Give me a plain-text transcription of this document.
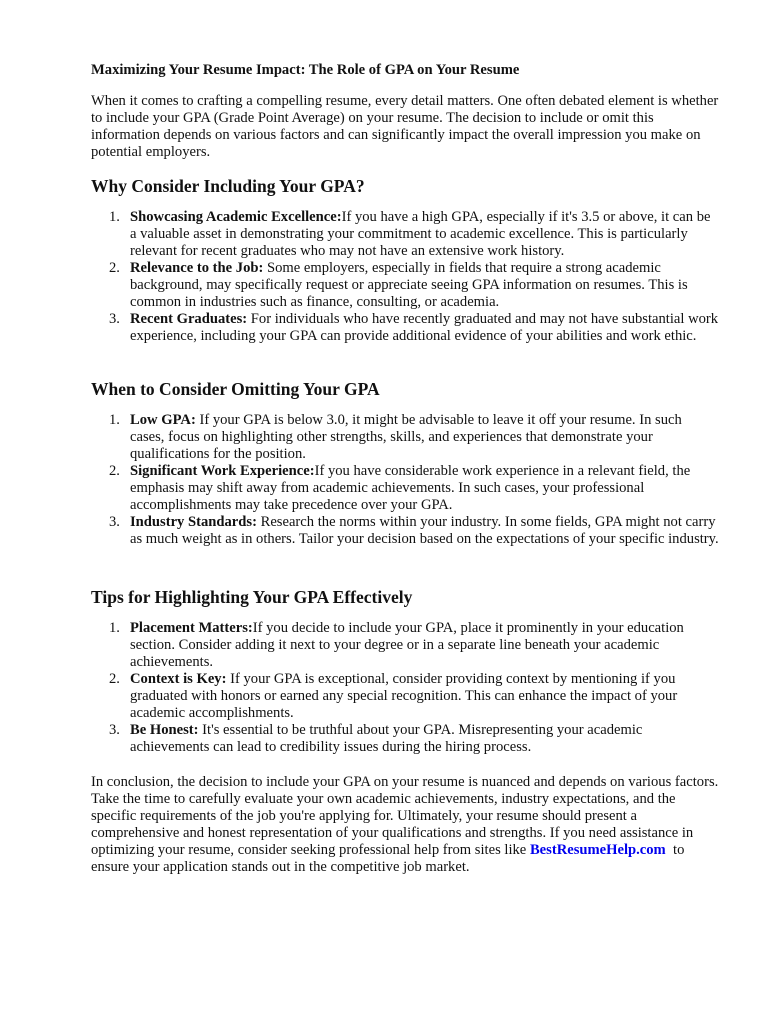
Maximizing Your Resume Impact: The Role of GPA on Your Resume
When it comes to crafting a compelling resume, every detail matters. One often debated element is whether to include your GPA (Grade Point Average) on your resume. The decision to include or omit this information depends on various factors and can significantly impact the overall impression you make on potential employers.
Why Consider Including Your GPA?
1. Showcasing Academic Excellence:If you have a high GPA, especially if it's 3.5 or above, it can be a valuable asset in demonstrating your commitment to academic excellence. This is particularly relevant for recent graduates who may not have an extensive work history.
2. Relevance to the Job: Some employers, especially in fields that require a strong academic background, may specifically request or appreciate seeing GPA information on resumes. This is common in industries such as finance, consulting, or academia.
3. Recent Graduates: For individuals who have recently graduated and may not have substantial work experience, including your GPA can provide additional evidence of your abilities and work ethic.
When to Consider Omitting Your GPA
1. Low GPA: If your GPA is below 3.0, it might be advisable to leave it off your resume. In such cases, focus on highlighting other strengths, skills, and experiences that demonstrate your qualifications for the position.
2. Significant Work Experience:If you have considerable work experience in a relevant field, the emphasis may shift away from academic achievements. In such cases, your professional accomplishments may take precedence over your GPA.
3. Industry Standards: Research the norms within your industry. In some fields, GPA might not carry as much weight as in others. Tailor your decision based on the expectations of your specific industry.
Tips for Highlighting Your GPA Effectively
1. Placement Matters:If you decide to include your GPA, place it prominently in your education section. Consider adding it next to your degree or in a separate line beneath your academic achievements.
2. Context is Key: If your GPA is exceptional, consider providing context by mentioning if you graduated with honors or earned any special recognition. This can enhance the impact of your academic accomplishments.
3. Be Honest: It's essential to be truthful about your GPA. Misrepresenting your academic achievements can lead to credibility issues during the hiring process.
In conclusion, the decision to include your GPA on your resume is nuanced and depends on various factors. Take the time to carefully evaluate your own academic achievements, industry expectations, and the specific requirements of the job you're applying for. Ultimately, your resume should present a comprehensive and honest representation of your qualifications and strengths. If you need assistance in optimizing your resume, consider seeking professional help from sites like BestResumeHelp.com  to ensure your application stands out in the competitive job market.
